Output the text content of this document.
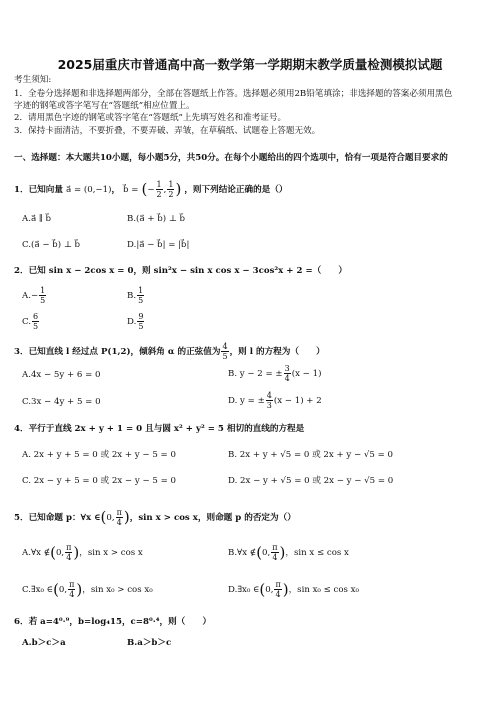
2025届重庆市普通高中高一数学第一学期期末教学质量检测模拟试题
考生须知:
1．全卷分选择题和非选择题两部分，全部在答题纸上作答。选择题必须用2B铅笔填涂；非选择题的答案必须用黑色
字迹的钢笔或答字笔写在“答题纸”相应位置上。
2．请用黑色字迹的钢笔或答字笔在“答题纸”上先填写姓名和准考证号。
3．保持卡面清洁，不要折叠，不要弄破、弄皱，在草稿纸、试题卷上答题无效。
一、选择题：本大题共10小题，每小题5分，共50分。在每个小题给出的四个选项中，恰有一项是符合题目要求的
1．已知向量 a⃗ = (0,−1)， b⃗ = (− $\frac{1}{2}$ , $\frac{1}{2}$ ) ，则下列结论正确的是（）
A.a⃗ ∥ b⃗	B.(a⃗ + b⃗) ⊥ b⃗
C.(a⃗ − b⃗) ⊥ b⃗	D.|a⃗ − b⃗| = |b⃗|
2．已知 sin x − 2cos x = 0，则 sin²x − sin x cos x − 3cos²x + 2 =（　　）
$A.- \frac{1}{5}$	B. $\frac{1}{5}$
C. $\frac{6}{5}$	D. $\frac{9}{5}$
3．已知直线 l 经过点 P(1,2)，倾斜角 α 的正弦值为 $\frac{4}{5}$ ，则 l 的方程为（　　）
A.4x − 5y + 6 = 0	B. y − 2 = ± $\frac{3}{4} (x - 1)$
C.3x − 4y + 5 = 0	D. y = ± $\frac{4}{3} (x - 1) + 2$
4．平行于直线 2x + y + 1 = 0 且与圆 x² + y² = 5 相切的直线的方程是
A. 2x + y + 5 = 0 或 2x + y − 5 = 0	B. 2x + y + √5 = 0 或 2x + y − √5 = 0
C. 2x − y + 5 = 0 或 2x − y − 5 = 0	D. 2x − y + √5 = 0 或 2x − y − √5 = 0
5．已知命题 p：∀x ∈(0, $\frac{\pi}{4}$ )，sin x > cos x，则命题 p 的否定为（）
A.∀x ∉(0, $\frac{\pi}{4}$ )，sin x > cos x	B.∀x ∉(0, $\frac{\pi}{4}$ )，sin x ≤ cos x
C.∃x₀ ∈(0, $\frac{\pi}{4}$ )，sin x₀ > cos x₀	D.∃x₀ ∈(0, $\frac{\pi}{4}$ )，sin x₀ ≤ cos x₀
6．若 a=4⁰·⁹，b=log₄15，c=8⁰·⁴，则（　　）
A.b＞c＞a	B.a＞b＞c
